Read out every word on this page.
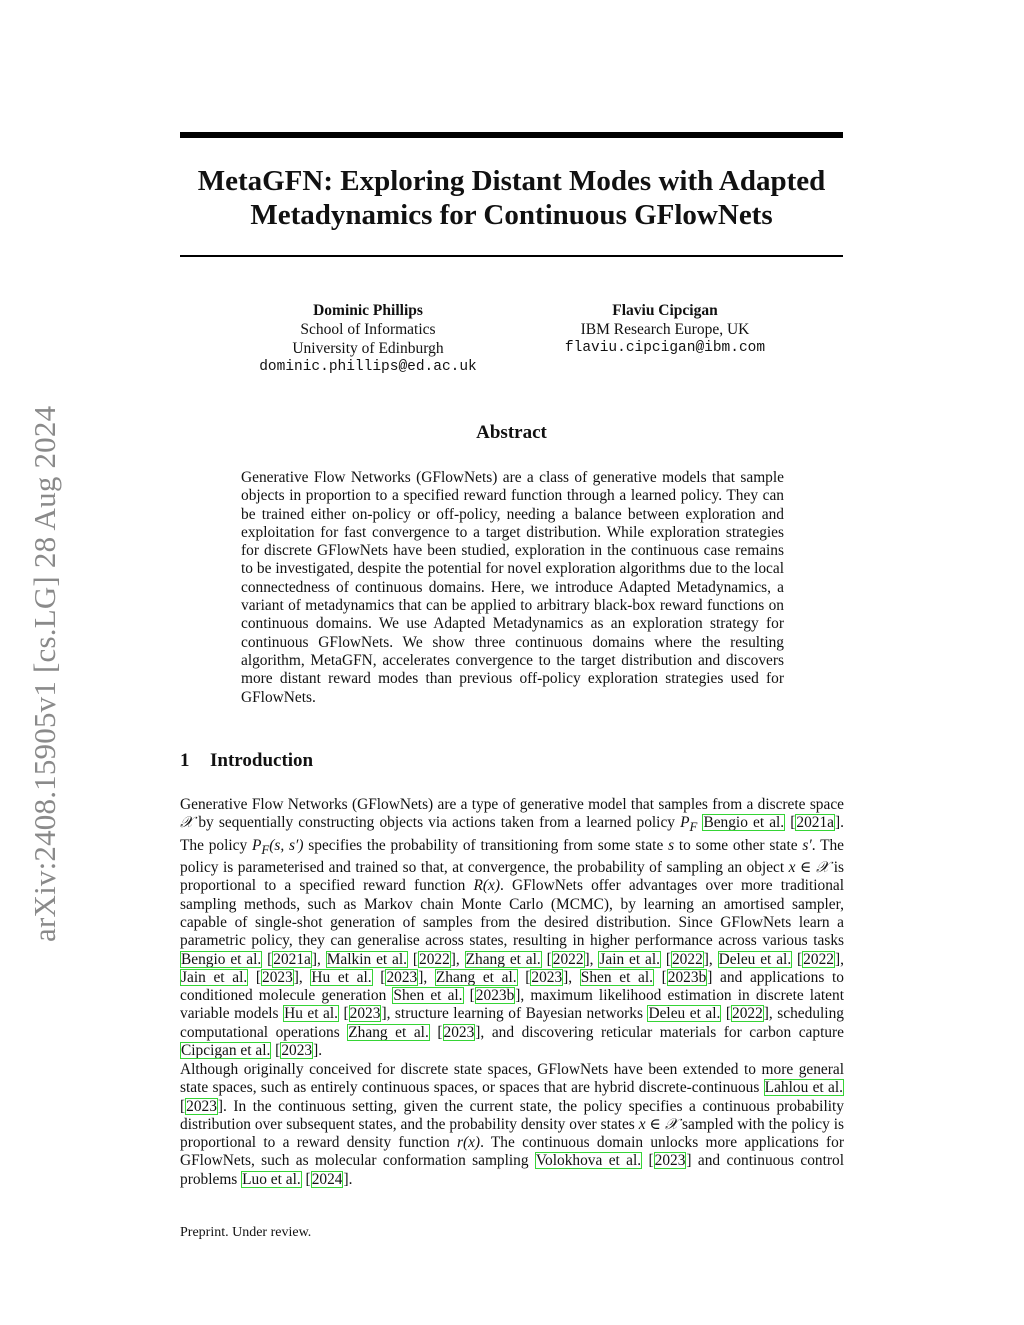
arXiv:2408.15905v1 [cs.LG] 28 Aug 2024
MetaGFN: Exploring Distant Modes with Adapted
Metadynamics for Continuous GFlowNets
Dominic Phillips
School of Informatics
University of Edinburgh
dominic.phillips@ed.ac.uk
Flaviu Cipcigan
IBM Research Europe, UK
flaviu.cipcigan@ibm.com
Abstract

Generative Flow Networks (GFlowNets) are a class of generative models that sample objects in proportion to a specified reward function through a learned policy. They can be trained either on-policy or off-policy, needing a balance between exploration and exploitation for fast convergence to a target distribution. While exploration strategies for discrete GFlowNets have been studied, exploration in the continuous case remains to be investigated, despite the potential for novel exploration algorithms due to the local connectedness of continuous domains. Here, we introduce Adapted Metadynamics, a variant of metadynamics that can be applied to arbitrary black-box reward functions on continuous domains. We use Adapted Metadynamics as an exploration strategy for continuous GFlowNets. We show three continuous domains where the resulting algorithm, MetaGFN, accelerates convergence to the target distribution and discovers more distant reward modes than previous off-policy exploration strategies used for GFlowNets.

1 Introduction

Generative Flow Networks (GFlowNets) are a type of generative model that samples from a discrete space 𝒳 by sequentially constructing objects via actions taken from a learned policy $P_F$ Bengio et al. [2021a]. The policy $P_F(s$, s′) specifies the probability of transitioning from some state s to some other state s′. The policy is parameterised and trained so that, at convergence, the probability of sampling an object x ∈ 𝒳 is proportional to a specified reward function R(x). GFlowNets offer advantages over more traditional sampling methods, such as Markov chain Monte Carlo (MCMC), by learning an amortised sampler, capable of single-shot generation of samples from the desired distribution. Since GFlowNets learn a parametric policy, they can generalise across states, resulting in higher performance across various tasks Bengio et al. [2021a], Malkin et al. [2022], Zhang et al. [2022], Jain et al. [2022], Deleu et al. [2022], Jain et al. [2023], Hu et al. [2023], Zhang et al. [2023], Shen et al. [2023b] and applications to conditioned molecule generation Shen et al. [2023b], maximum likelihood estimation in discrete latent variable models Hu et al. [2023], structure learning of Bayesian networks Deleu et al. [2022], scheduling computational operations Zhang et al. [2023], and discovering reticular materials for carbon capture Cipcigan et al. [2023].

Although originally conceived for discrete state spaces, GFlowNets have been extended to more general state spaces, such as entirely continuous spaces, or spaces that are hybrid discrete-continuous Lahlou et al. [2023]. In the continuous setting, given the current state, the policy specifies a continuous probability distribution over subsequent states, and the probability density over states x ∈ 𝒳 sampled with the policy is proportional to a reward density function r(x). The continuous domain unlocks more applications for GFlowNets, such as molecular conformation sampling Volokhova et al. [2023] and continuous control problems Luo et al. [2024].

Preprint. Under review.
